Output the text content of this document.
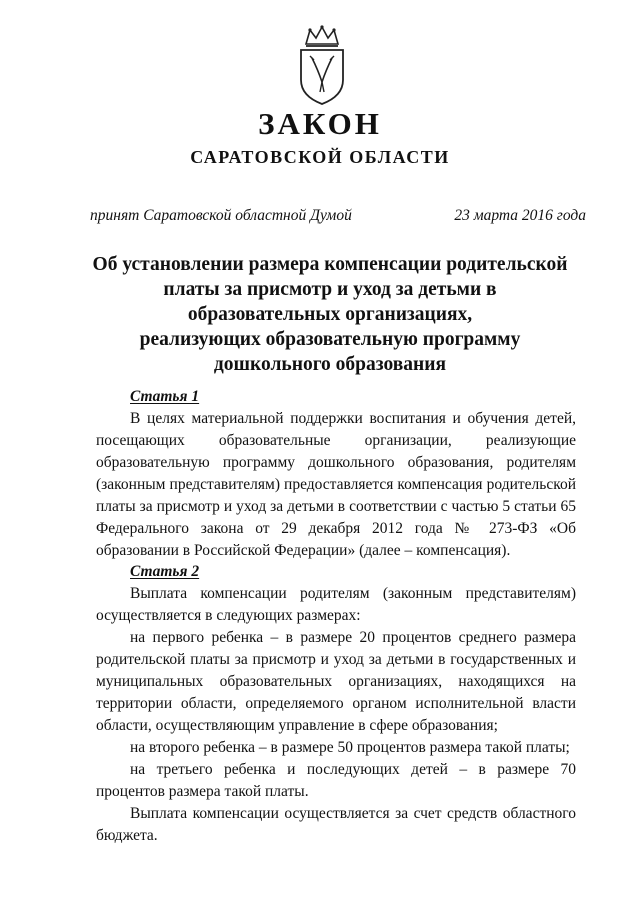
ЗАКОН
САРАТОВСКОЙ ОБЛАСТИ
принят Саратовской областной Думой	23 марта 2016 года
Об установлении размера компенсации родительской
платы за присмотр и уход за детьми в
образовательных организациях,
реализующих образовательную программу
дошкольного образования

Статья 1

В целях материальной поддержки воспитания и обучения детей, посещающих образовательные организации, реализующие образовательную программу дошкольного образования, родителям (законным представителям) предоставляется компенсация родительской платы за присмотр и уход за детьми в соответствии с частью 5 статьи 65 Федерального закона от 29 декабря 2012 года № 273-ФЗ «Об образовании в Российской Федерации» (далее – компенсация).

Статья 2

Выплата компенсации родителям (законным представителям) осуществляется в следующих размерах:

на первого ребенка – в размере 20 процентов среднего размера родительской платы за присмотр и уход за детьми в государственных и муниципальных образовательных организациях, находящихся на территории области, определяемого органом исполнительной власти области, осуществляющим управление в сфере образования;

на второго ребенка – в размере 50 процентов размера такой платы;

на третьего ребенка и последующих детей – в размере 70 процентов размера такой платы.

Выплата компенсации осуществляется за счет средств областного бюджета.
